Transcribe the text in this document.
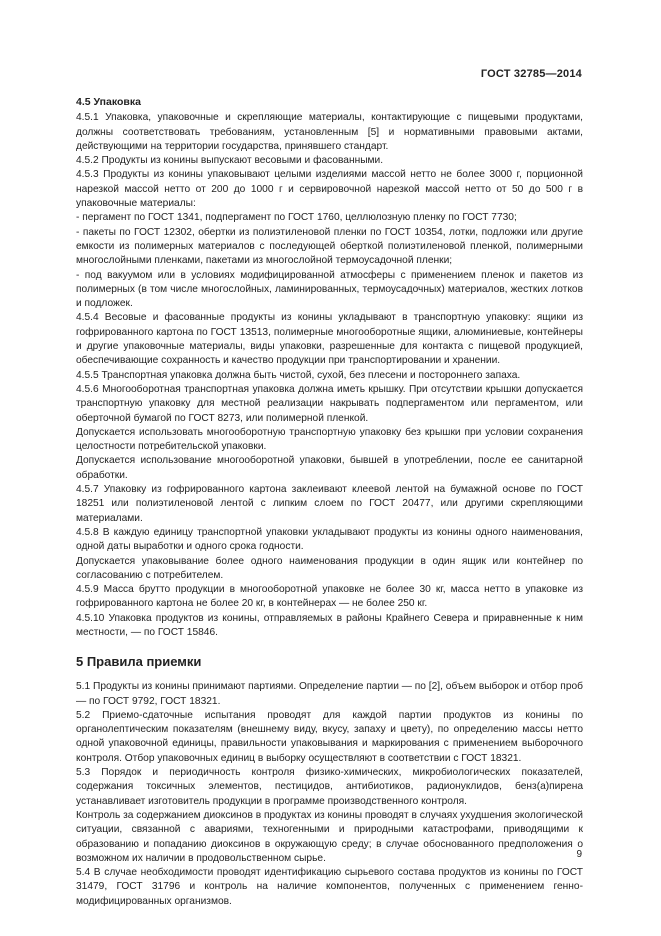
ГОСТ 32785—2014
4.5 Упаковка

4.5.1 Упаковка, упаковочные и скрепляющие материалы, контактирующие с пищевыми продуктами, должны соответствовать требованиям, установленным [5] и нормативными правовыми актами, действующими на территории государства, принявшего стандарт.

4.5.2 Продукты из конины выпускают весовыми и фасованными.

4.5.3 Продукты из конины упаковывают целыми изделиями массой нетто не более 3000 г, порционной нарезкой массой нетто от 200 до 1000 г и сервировочной нарезкой массой нетто от 50 до 500 г в упаковочные материалы:

- пергамент по ГОСТ 1341, подпергамент по ГОСТ 1760, целлюлозную пленку по ГОСТ 7730;

- пакеты по ГОСТ 12302, обертки из полиэтиленовой пленки по ГОСТ 10354, лотки, подложки или другие емкости из полимерных материалов с последующей оберткой полиэтиленовой пленкой, полимерными многослойными пленками, пакетами из многослойной термоусадочной пленки;

- под вакуумом или в условиях модифицированной атмосферы с применением пленок и пакетов из полимерных (в том числе многослойных, ламинированных, термоусадочных) материалов, жестких лотков и подложек.

4.5.4 Весовые и фасованные продукты из конины укладывают в транспортную упаковку: ящики из гофрированного картона по ГОСТ 13513, полимерные многооборотные ящики, алюминиевые, контейнеры и другие упаковочные материалы, виды упаковки, разрешенные для контакта с пищевой продукцией, обеспечивающие сохранность и качество продукции при транспортировании и хранении.

4.5.5 Транспортная упаковка должна быть чистой, сухой, без плесени и постороннего запаха.

4.5.6 Многооборотная транспортная упаковка должна иметь крышку. При отсутствии крышки допускается транспортную упаковку для местной реализации накрывать подпергаментом или пергаментом, или оберточной бумагой по ГОСТ 8273, или полимерной пленкой.

Допускается использовать многооборотную транспортную упаковку без крышки при условии сохранения целостности потребительской упаковки.

Допускается использование многооборотной упаковки, бывшей в употреблении, после ее санитарной обработки.

4.5.7 Упаковку из гофрированного картона заклеивают клеевой лентой на бумажной основе по ГОСТ 18251 или полиэтиленовой лентой с липким слоем по ГОСТ 20477, или другими скрепляющими материалами.

4.5.8 В каждую единицу транспортной упаковки укладывают продукты из конины одного наименования, одной даты выработки и одного срока годности.

Допускается упаковывание более одного наименования продукции в один ящик или контейнер по согласованию с потребителем.

4.5.9 Масса брутто продукции в многооборотной упаковке не более 30 кг, масса нетто в упаковке из гофрированного картона не более 20 кг, в контейнерах — не более 250 кг.

4.5.10 Упаковка продуктов из конины, отправляемых в районы Крайнего Севера и приравненные к ним местности, — по ГОСТ 15846.

5 Правила приемки

5.1 Продукты из конины принимают партиями. Определение партии — по [2], объем выборок и отбор проб — по ГОСТ 9792, ГОСТ 18321.

5.2 Приемо-сдаточные испытания проводят для каждой партии продуктов из конины по органолептическим показателям (внешнему виду, вкусу, запаху и цвету), по определению массы нетто одной упаковочной единицы, правильности упаковывания и маркирования с применением выборочного контроля. Отбор упаковочных единиц в выборку осуществляют в соответствии с ГОСТ 18321.

5.3 Порядок и периодичность контроля физико-химических, микробиологических показателей, содержания токсичных элементов, пестицидов, антибиотиков, радионуклидов, бенз(а)пирена устанавливает изготовитель продукции в программе производственного контроля.

Контроль за содержанием диоксинов в продуктах из конины проводят в случаях ухудшения экологической ситуации, связанной с авариями, техногенными и природными катастрофами, приводящими к образованию и попаданию диоксинов в окружающую среду; в случае обоснованного предположения о возможном их наличии в продовольственном сырье.

5.4 В случае необходимости проводят идентификацию сырьевого состава продуктов из конины по ГОСТ 31479, ГОСТ 31796 и контроль на наличие компонентов, полученных с применением генно-модифицированных организмов.

9
